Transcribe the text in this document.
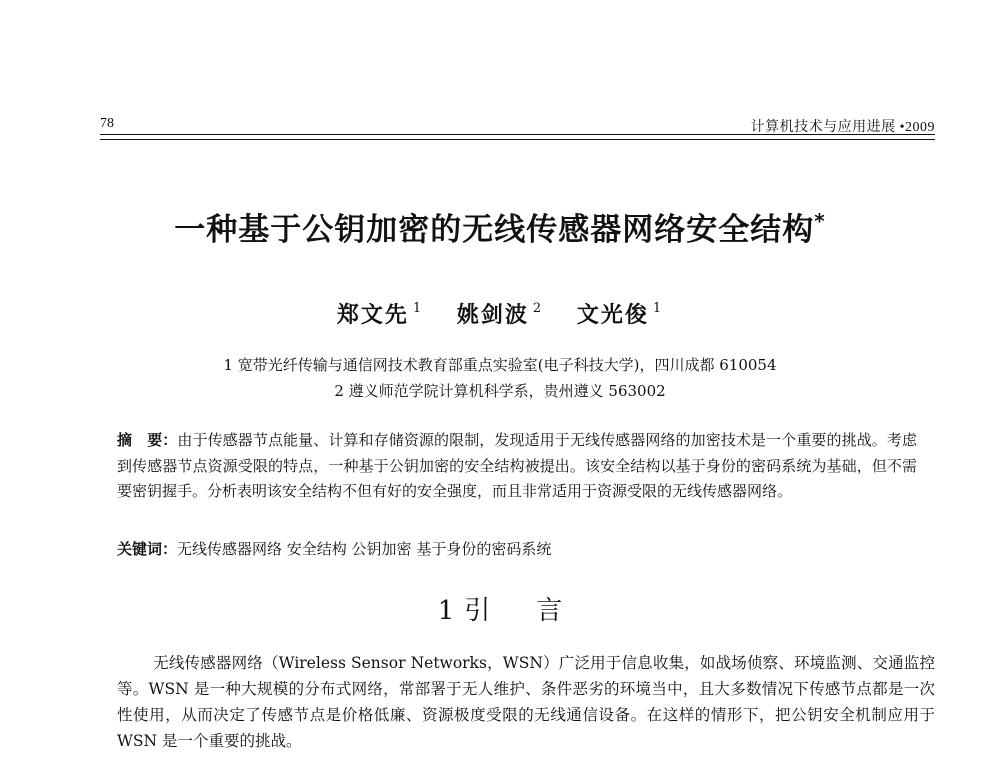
78	计算机技术与应用进展 •2009
一种基于公钥加密的无线传感器网络安全结构*
郑文先 $^1$ 姚剑波 $^2$ 文光俊 $^1$
1 宽带光纤传输与通信网技术教育部重点实验室(电子科技大学)，四川成都 610054
2 遵义师范学院计算机科学系，贵州遵义 563002
摘　要：由于传感器节点能量、计算和存储资源的限制，发现适用于无线传感器网络的加密技术是一个重要的挑战。考虑到传感器节点资源受限的特点，一种基于公钥加密的安全结构被提出。该安全结构以基于身份的密码系统为基础，但不需要密钥握手。分析表明该安全结构不但有好的安全强度，而且非常适用于资源受限的无线传感器网络。
关键词：无线传感器网络 安全结构 公钥加密 基于身份的密码系统
1 引 言
无线传感器网络（Wireless Sensor Networks，WSN）广泛用于信息收集，如战场侦察、环境监测、交通监控等。WSN 是一种大规模的分布式网络，常部署于无人维护、条件恶劣的环境当中，且大多数情况下传感节点都是一次性使用，从而决定了传感节点是价格低廉、资源极度受限的无线通信设备。在这样的情形下，把公钥安全机制应用于 WSN 是一个重要的挑战。
